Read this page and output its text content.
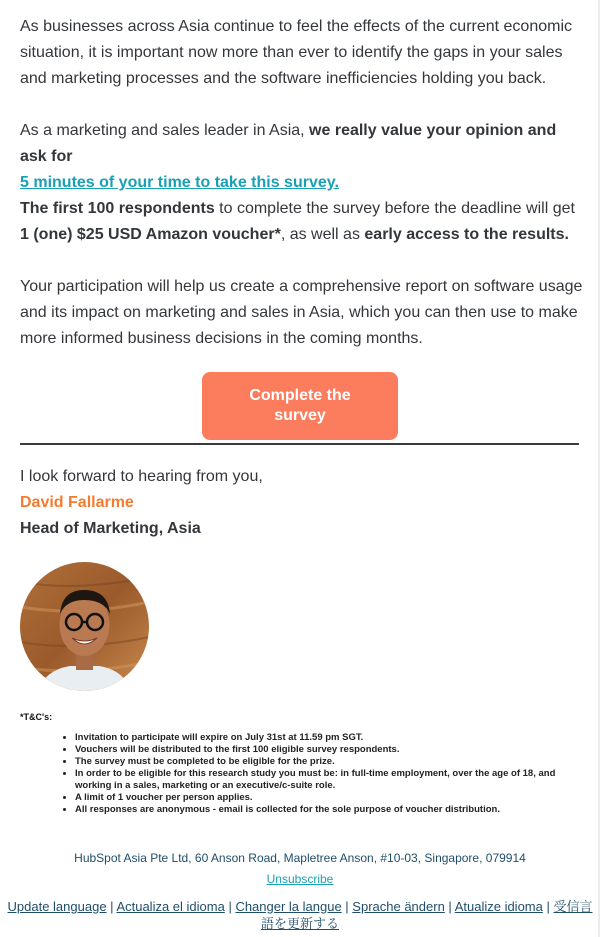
As businesses across Asia continue to feel the effects of the current economic situation, it is important now more than ever to identify the gaps in your sales and marketing processes and the software inefficiencies holding you back.

As a marketing and sales leader in Asia, we really value your opinion and ask for
5 minutes of your time to take this survey.

The first 100 respondents to complete the survey before the deadline will get 1 (one) $25 USD Amazon voucher*, as well as early access to the results.

Your participation will help us create a comprehensive report on software usage and its impact on marketing and sales in Asia, which you can then use to make more informed business decisions in the coming months.

Complete the survey

I look forward to hearing from you,

David Fallarme

Head of Marketing, Asia

*T&C's:

• Invitation to participate will expire on July 31st at 11.59 pm SGT.
• Vouchers will be distributed to the first 100 eligible survey respondents.
• The survey must be completed to be eligible for the prize.
• In order to be eligible for this research study you must be: in full-time employment, over the age of 18, and working in a sales, marketing or an executive/c-suite role.
• A limit of 1 voucher per person applies.
• All responses are anonymous - email is collected for the sole purpose of voucher distribution.
HubSpot Asia Pte Ltd, 60 Anson Road, Mapletree Anson, #10-03, Singapore, 079914
Unsubscribe
Update language | Actualiza el idioma | Changer la langue | Sprache ändern | Atualize idioma | 受信言語を更新する
